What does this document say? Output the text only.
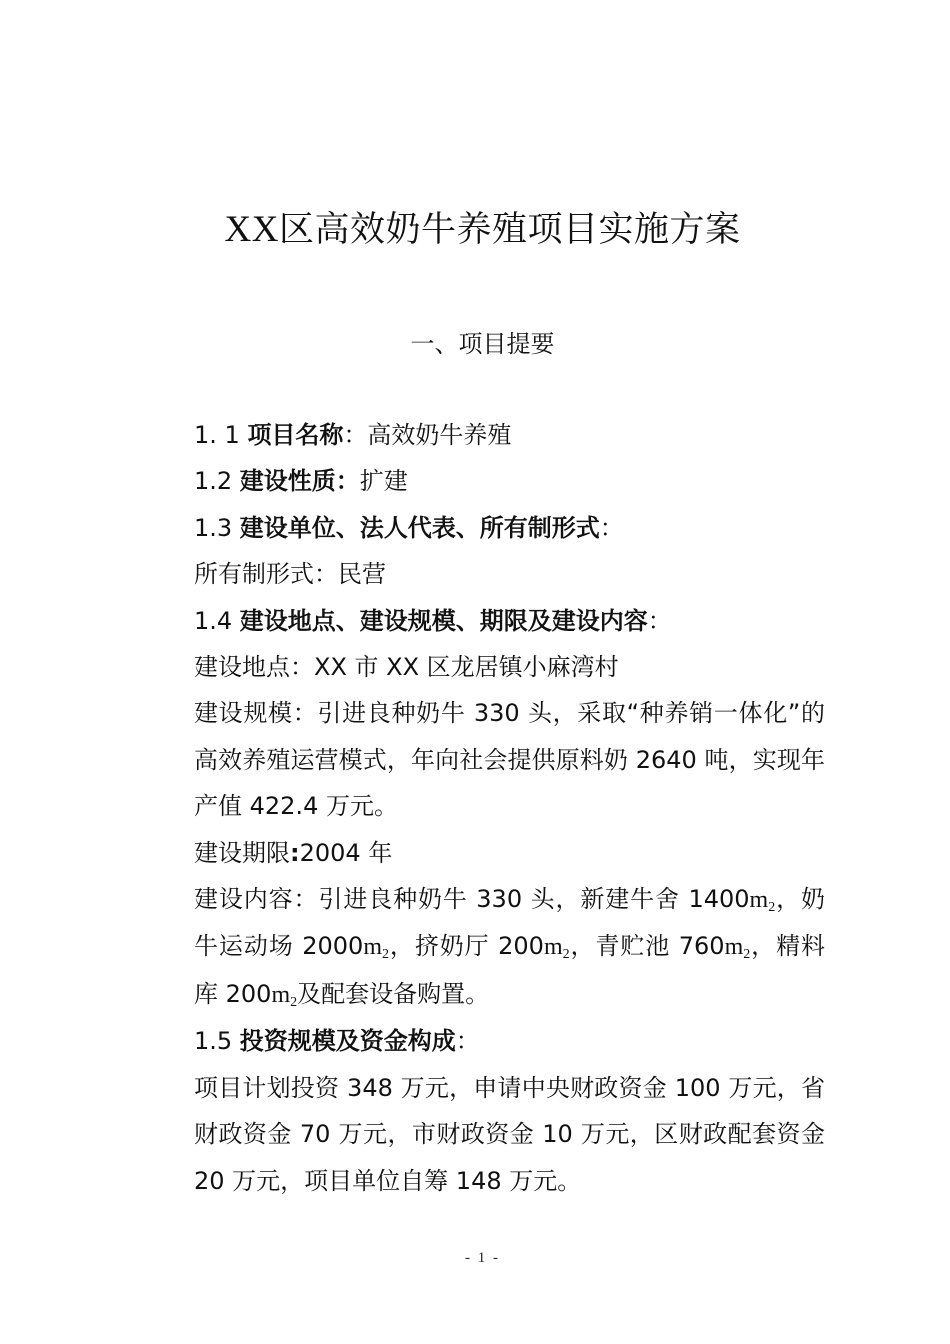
XX区高效奶牛养殖项目实施方案
一、项目提要

1. 1 项目名称：高效奶牛养殖

1.2 建设性质：扩建

1.3 建设单位、法人代表、所有制形式：

所有制形式：民营

1.4 建设地点、建设规模、期限及建设内容：

建设地点：XX 市 XX 区龙居镇小麻湾村

建设规模：引进良种奶牛 330 头，采取“种养销一体化”的高效养殖运营模式，年向社会提供原料奶 2640 吨，实现年产值 422.4 万元。

建设期限:2004 年

建设内容：引进良种奶牛 330 头，新建牛舍 $1400m_2$，奶牛运动场 $2000m_2$，挤奶厅 $200m_2$，青贮池 $760m_2$，精料库 $200m_2$及配套设备购置。

1.5 投资规模及资金构成：

项目计划投资 348 万元，申请中央财政资金 100 万元，省财政资金 70 万元，市财政资金 10 万元，区财政配套资金 20 万元，项目单位自筹 148 万元。

- 1 -
